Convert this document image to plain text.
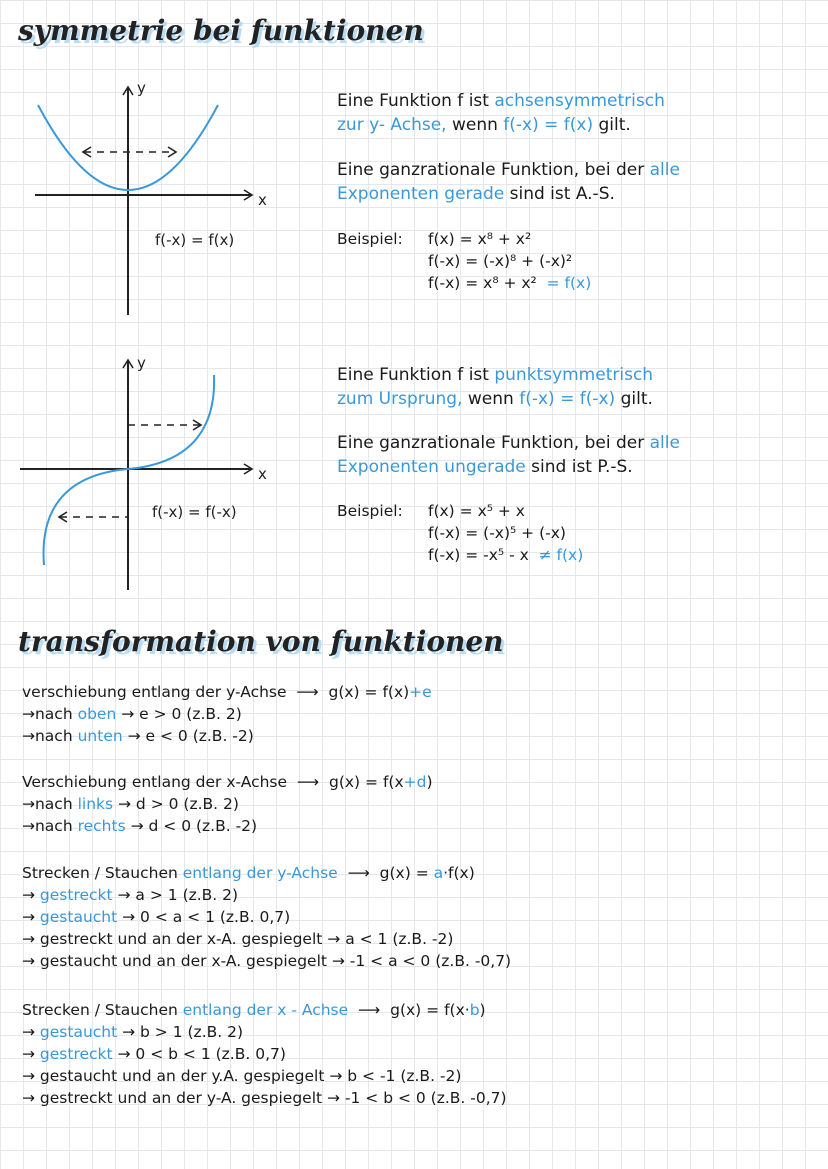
symmetrie bei funktionen
y
x
f(-x) = f(x)
Eine Funktion f ist achsensymmetrisch
zur y- Achse, wenn f(-x) = f(x) gilt.
Eine ganzrationale Funktion, bei der alle
Exponenten gerade sind ist A.-S.
Beispiel: f(x) = x⁸ + x²
f(-x) = (-x)⁸ + (-x)²
f(-x) = x⁸ + x² = f(x)
y
x
f(-x) = f(-x)
Eine Funktion f ist punktsymmetrisch
zum Ursprung, wenn f(-x) = f(-x) gilt.
Eine ganzrationale Funktion, bei der alle
Exponenten ungerade sind ist P.-S.
Beispiel: f(x) = x⁵ + x
f(-x) = (-x)⁵ + (-x)
f(-x) = -x⁵ - x ≠ f(x)
transformation von funktionen
verschiebung entlang der y-Achse ⟶ g(x) = f(x)+e
→nach oben → e > 0 (z.B. 2)
→nach unten → e < 0 (z.B. -2)
Verschiebung entlang der x-Achse ⟶ g(x) = f(x+d)
→nach links → d > 0 (z.B. 2)
→nach rechts → d < 0 (z.B. -2)
Strecken / Stauchen entlang der y-Achse ⟶ g(x) = a·f(x)
→ gestreckt → a > 1 (z.B. 2)
→ gestaucht → 0 < a < 1 (z.B. 0,7)
→ gestreckt und an der x-A. gespiegelt → a < 1 (z.B. -2)
→ gestaucht und an der x-A. gespiegelt → -1 < a < 0 (z.B. -0,7)
Strecken / Stauchen entlang der x - Achse ⟶ g(x) = f(x·b)
→ gestaucht → b > 1 (z.B. 2)
→ gestreckt → 0 < b < 1 (z.B. 0,7)
→ gestaucht und an der y.A. gespiegelt → b < -1 (z.B. -2)
→ gestreckt und an der y-A. gespiegelt → -1 < b < 0 (z.B. -0,7)
